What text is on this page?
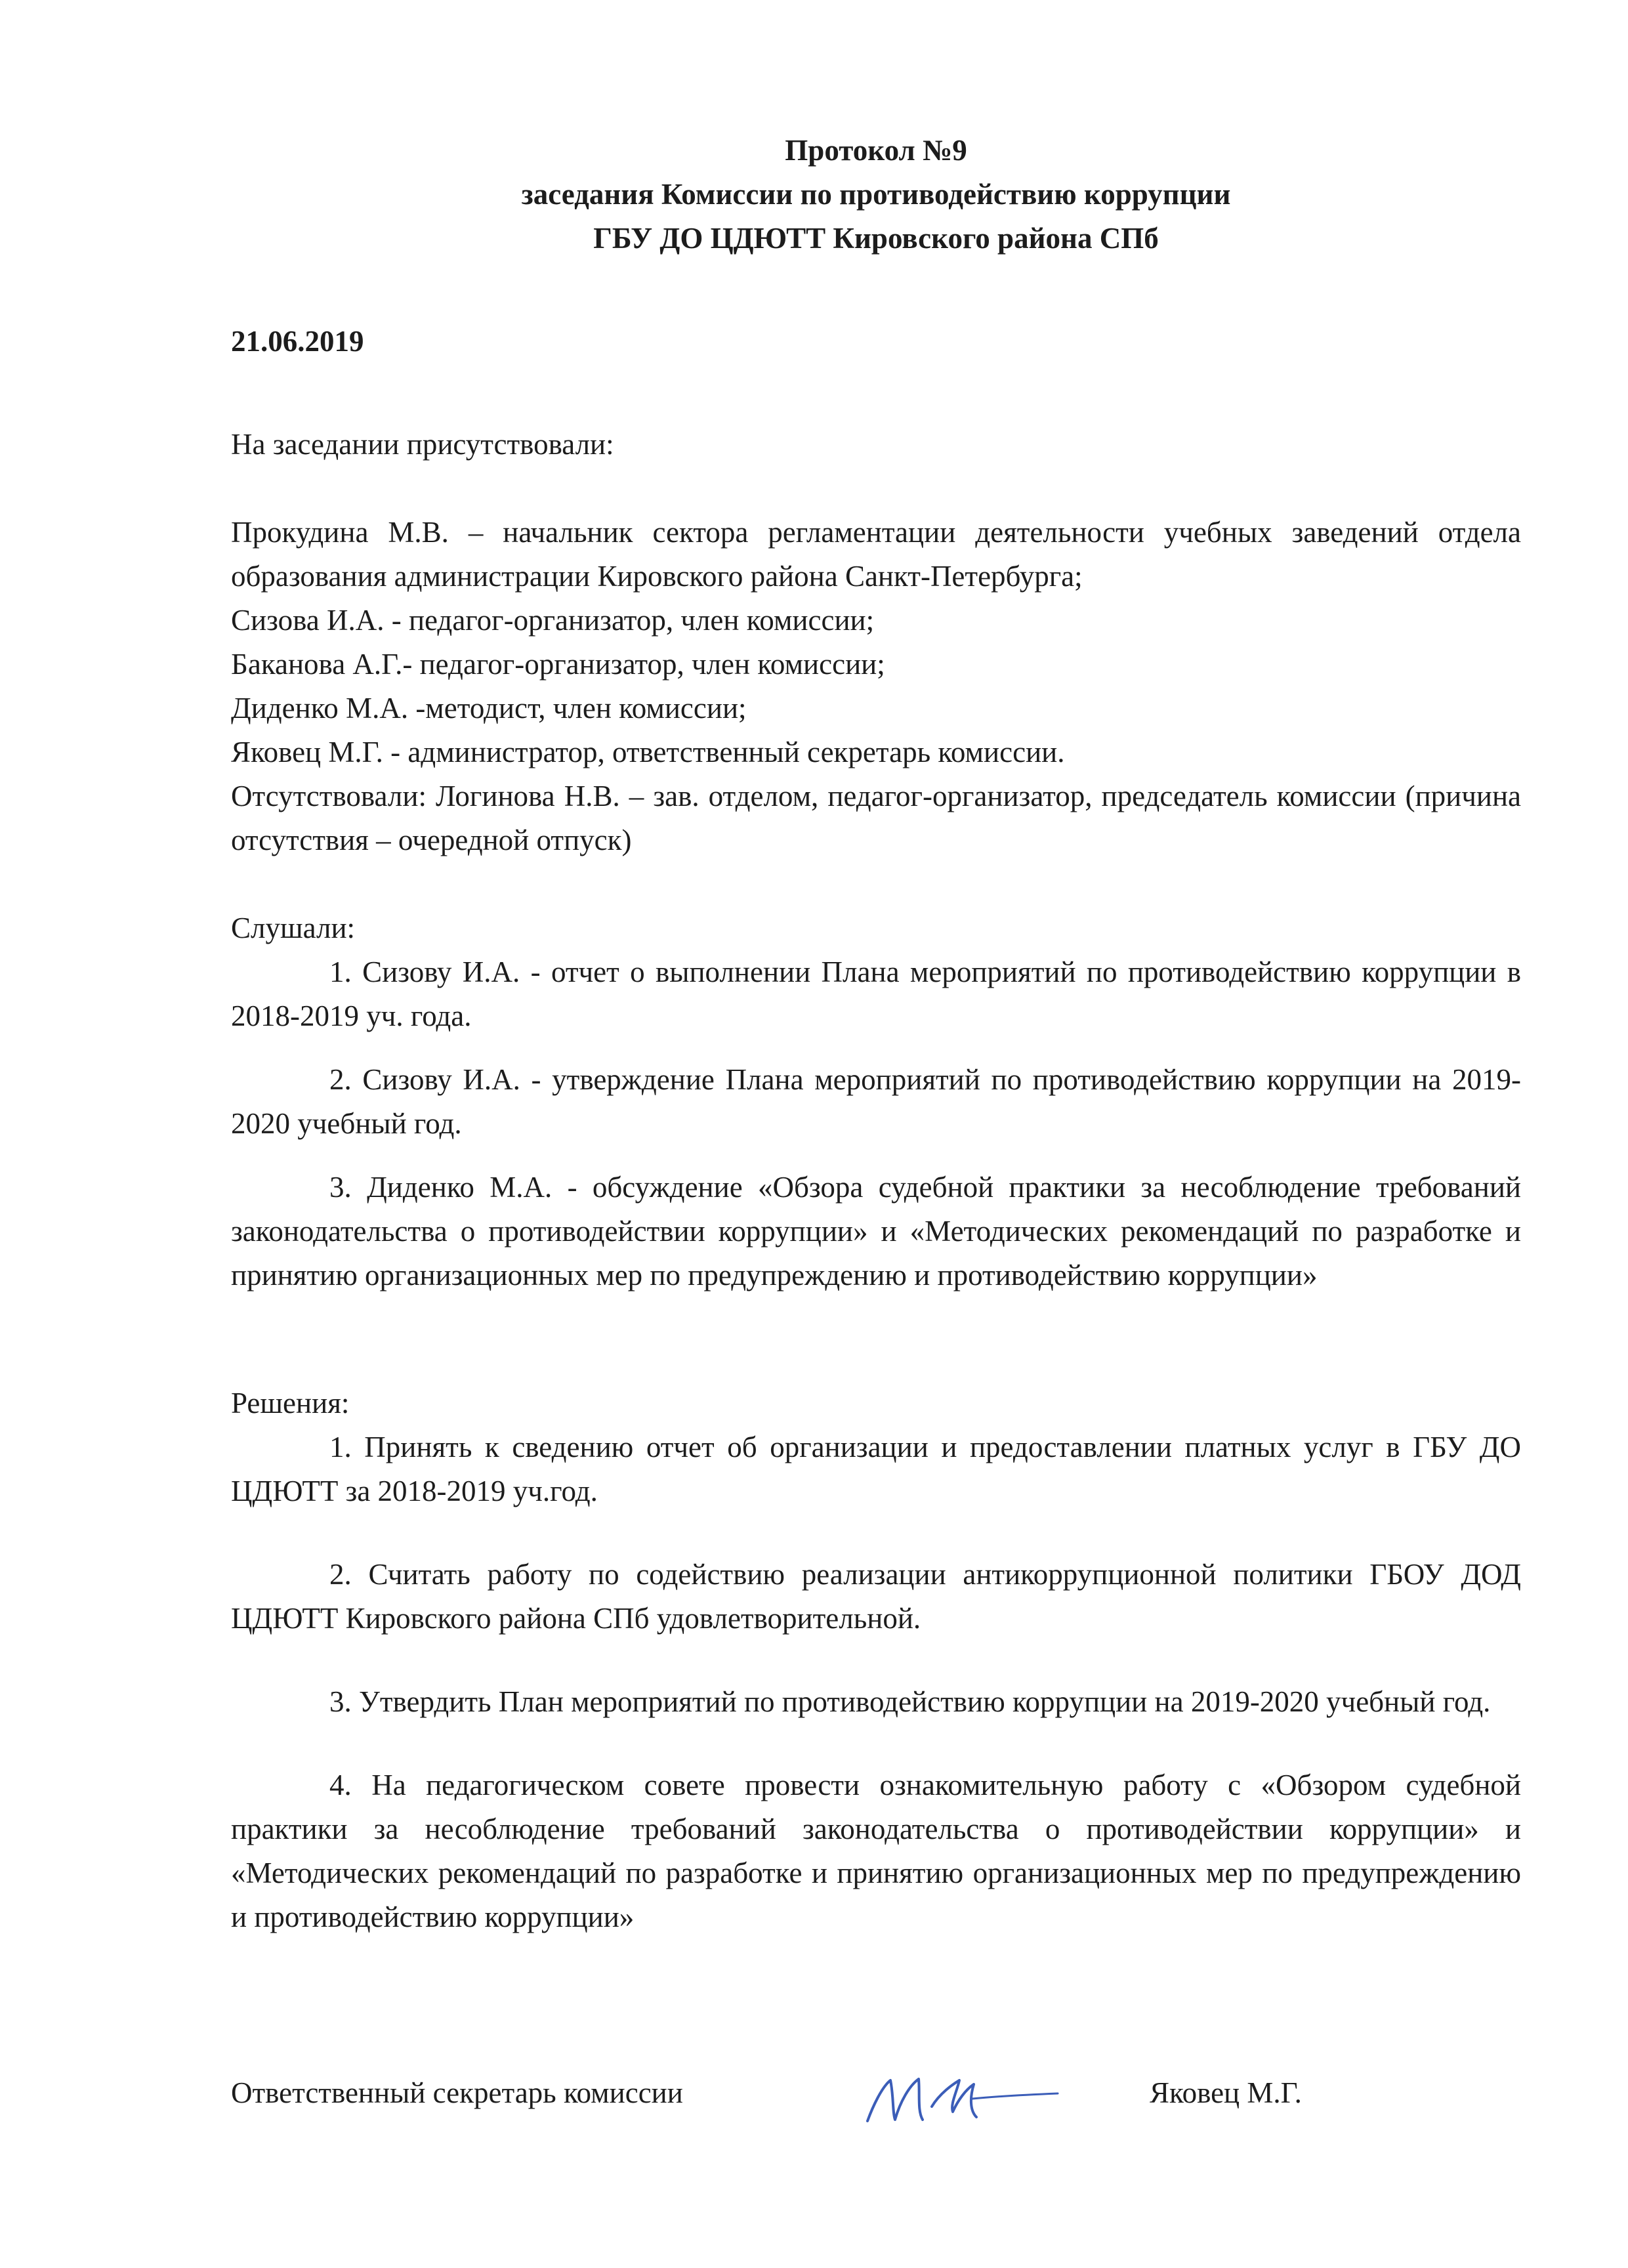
Протокол №9
заседания Комиссии по противодействию коррупции
ГБУ ДО ЦДЮТТ Кировского района СПб

21.06.2019

На заседании присутствовали:

Прокудина М.В. – начальник сектора регламентации деятельности учебных заведений отдела образования администрации Кировского района Санкт-Петербурга;

Сизова И.А. - педагог-организатор, член комиссии;

Баканова А.Г.- педагог-организатор, член комиссии;

Диденко М.А. -методист, член комиссии;

Яковец М.Г. - администратор, ответственный секретарь комиссии.

Отсутствовали: Логинова Н.В. – зав. отделом, педагог-организатор, председатель комиссии (причина отсутствия – очередной отпуск)

Слушали:

1. Сизову И.А. - отчет о выполнении Плана мероприятий по противодействию коррупции в 2018-2019 уч. года.

2. Сизову И.А. - утверждение Плана мероприятий по противодействию коррупции на 2019-2020 учебный год.

3. Диденко М.А. - обсуждение «Обзора судебной практики за несоблюдение требований законодательства о противодействии коррупции» и «Методических рекомендаций по разработке и принятию организационных мер по предупреждению и противодействию коррупции»

Решения:

1. Принять к сведению отчет об организации и предоставлении платных услуг в ГБУ ДО ЦДЮТТ за 2018-2019 уч.год.

2. Считать работу по содействию реализации антикоррупционной политики ГБОУ ДОД ЦДЮТТ Кировского района СПб удовлетворительной.

3. Утвердить План мероприятий по противодействию коррупции на 2019-2020 учебный год.

4. На педагогическом совете провести ознакомительную работу с «Обзором судебной практики за несоблюдение требований законодательства о противодействии коррупции» и «Методических рекомендаций по разработке и принятию организационных мер по предупреждению и противодействию коррупции»

Ответственный секретарь комиссии	Яковец М.Г.
